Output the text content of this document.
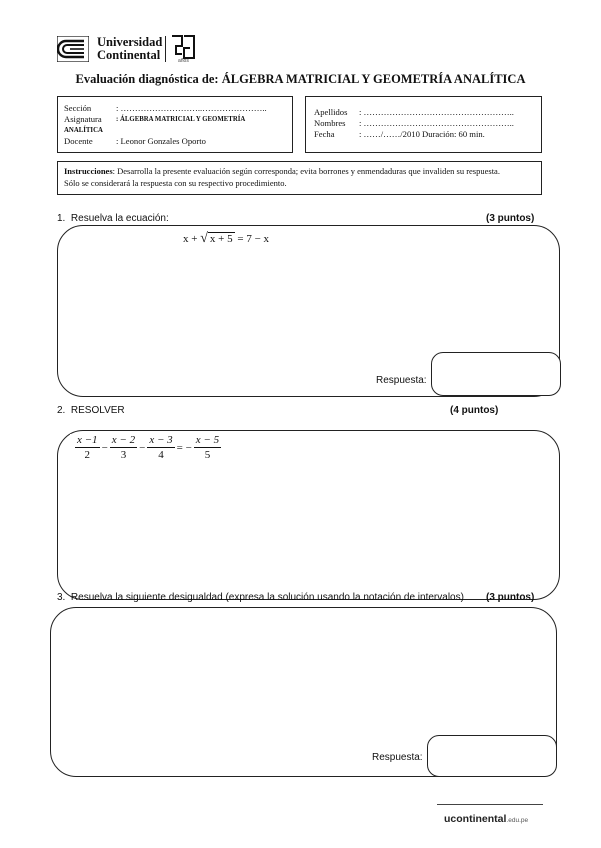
Universidad
Continental	años
Evaluación diagnóstica de: ÁLGEBRA MATRICIAL Y GEOMETRÍA ANALÍTICA
Sección	: ………………………..…………………..
Asignatura	: ÁLGEBRA MATRICIAL Y GEOMETRÍA
ANALÍTICA
Docente	: Leonor Gonzales Oporto
Apellidos	: ……………………………………………..
Nombres	: ……………………………………………..
Fecha	: ……/……/2010 Duración: 60 min.
Instrucciones: Desarrolla la presente evaluación según corresponda; evita borrones y enmendaduras que invaliden su respuesta.
Sólo se considerará la respuesta con su respectivo procedimiento.
1. Resuelva la ecuación:	(3 puntos)
x + √ x + 5 = 7 − x
Respuesta:
2. RESOLVER	(4 puntos)
$\frac{x -1}{2} - \frac{x - 2}{3} - \frac{x - 3}{4}$ = − $\frac{x - 5}{5}$
3. Resuelva la siguiente desigualdad (expresa la solución usando la notación de intervalos) (3 puntos)
Respuesta:
ucontinental.edu.pe
